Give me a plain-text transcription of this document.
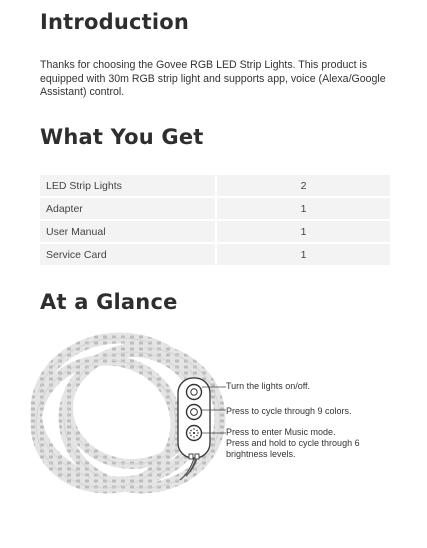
Introduction

Thanks for choosing the Govee RGB LED Strip Lights. This product is equipped with 30m RGB strip light and supports app, voice (Alexa/Google Assistant) control.

What You Get
LED Strip Lights	2
Adapter	1
User Manual	1
Service Card	1
At a Glance
Turn the lights on/off.
Press to cycle through 9 colors.
Press to enter Music mode.
Press and hold to cycle through 6
brightness levels.
